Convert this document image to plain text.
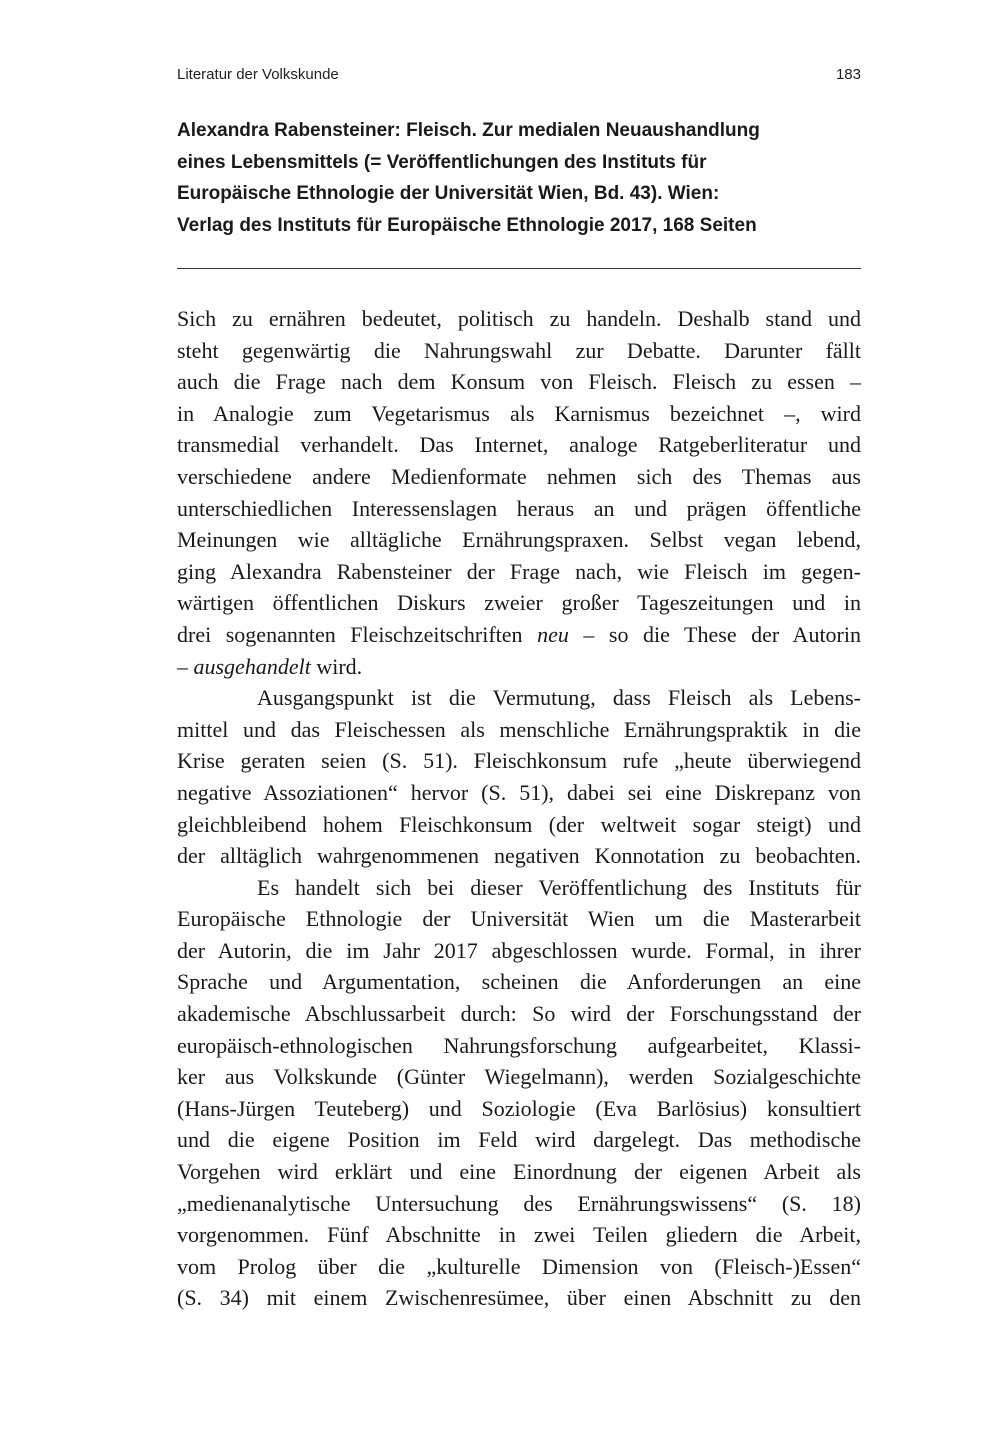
Literatur der Volkskunde	183
Alexandra Rabensteiner: Fleisch. Zur medialen Neuaushandlung
eines Lebensmittels (= Veröffentlichungen des Instituts für
Europäische Ethnologie der Universität Wien, Bd. 43). Wien:
Verlag des Instituts für Europäische Ethnologie 2017, 168 Seiten
Sich zu ernähren bedeutet, politisch zu handeln. Deshalb stand und
steht gegenwärtig die Nahrungswahl zur Debatte. Darunter fällt
auch die Frage nach dem Konsum von Fleisch. Fleisch zu essen –
in Analogie zum Vegetarismus als Karnismus bezeichnet –, wird
transmedial verhandelt. Das Internet, analoge Ratgeberliteratur und
verschiedene andere Medienformate nehmen sich des Themas aus
unterschiedlichen Interessenslagen heraus an und prägen öffentliche
Meinungen wie alltägliche Ernährungspraxen. Selbst vegan lebend,
ging Alexandra Rabensteiner der Frage nach, wie Fleisch im gegen-
wärtigen öffentlichen Diskurs zweier großer Tageszeitungen und in
drei sogenannten Fleischzeitschriften neu – so die These der Autorin
– ausgehandelt wird.
Ausgangspunkt ist die Vermutung, dass Fleisch als Lebens-
mittel und das Fleischessen als menschliche Ernährungspraktik in die
Krise geraten seien (S. 51). Fleischkonsum rufe „heute überwiegend
negative Assoziationen“ hervor (S. 51), dabei sei eine Diskrepanz von
gleichbleibend hohem Fleischkonsum (der weltweit sogar steigt) und
der alltäglich wahrgenommenen negativen Konnotation zu beobachten.
Es handelt sich bei dieser Veröffentlichung des Instituts für
Europäische Ethnologie der Universität Wien um die Masterarbeit
der Autorin, die im Jahr 2017 abgeschlossen wurde. Formal, in ihrer
Sprache und Argumentation, scheinen die Anforderungen an eine
akademische Abschlussarbeit durch: So wird der Forschungsstand der
europäisch-ethnologischen Nahrungsforschung aufgearbeitet, Klassi-
ker aus Volkskunde (Günter Wiegelmann), werden Sozialgeschichte
(Hans-Jürgen Teuteberg) und Soziologie (Eva Barlösius) konsultiert
und die eigene Position im Feld wird dargelegt. Das methodische
Vorgehen wird erklärt und eine Einordnung der eigenen Arbeit als
„medienanalytische Untersuchung des Ernährungswissens“ (S. 18)
vorgenommen. Fünf Abschnitte in zwei Teilen gliedern die Arbeit,
vom Prolog über die „kulturelle Dimension von (Fleisch-)Essen“
(S. 34) mit einem Zwischenresümee, über einen Abschnitt zu den
